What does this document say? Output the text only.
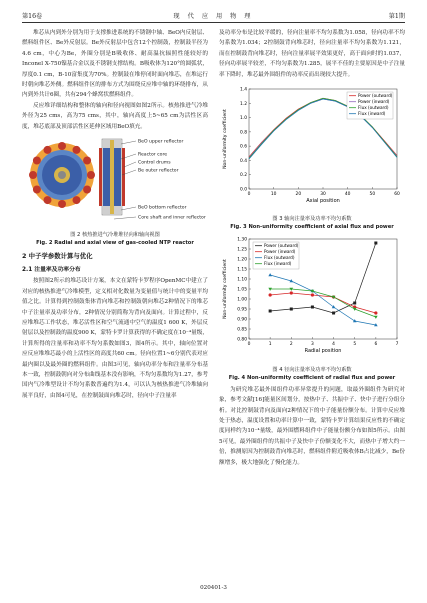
第16卷	现 代 应 用 物 理	第1期

堆芯从内到外分别为用于支撑推进系统的不锈钢中轴、BeO内反射层、燃料组件区、Be外反射层。Be外反射层中包含12个控制鼓，控制鼓半径为4.6 cm，中心为Be，外圈分别是B吸收体、耐高温抗辐照性能较好的Inconel X-750镍基合金以及不锈钢支撑结构。B吸收体为120°的圆弧状，厚度0.1 cm，B-10富集度为70%。控制鼓在堆停闭时面向堆芯，在堆运行时朝向堆芯外侧。燃料组件区的排布方式为围绕反应堆中轴的环绕排布，从内到外共计6圈，共有294个蜂窝状燃料组件。

反应堆详细结构和整体的轴向和径向视图如图2所示。核热推进气冷堆外径为25 cms，高为75 cms，其中，轴向高度上5~65 cm为活性区高度，堆芯底部及顶部活性区延伸区域用BeO填充。

BeO upper reflector
Reactor core
Control drums
Be outer reflector
BeO bottom reflector
Core shaft and inner reflector
图 2 核热推进气冷堆堆径向和轴向视图
Fig. 2 Radial and axial view of gas-cooled NTP reactor
2 中子学参数计算与优化
2.1 注量率及功率分布

按照图2所示的堆芯设计方案，本文在蒙特卡罗程序OpenMC中建立了对应的核热推进气冷堆模型，定义相对化数量为变量值与统计中的变量平均值之比。计算得到控制鼓集体背向堆芯和控制鼓朝向堆芯2种情况下的堆芯中子注量率及功率分布，2种情况分别简称为背向及面向。计算过程中，反应堆堆芯工作状态，堆芯活性区和空气流通中空气的温度1 600 K，外层反射层以及控制鼓的温度900 K，蒙特卡罗计算获得的不确定度在10⁻⁴量级，计算所得的注量率和功率不均匀系数如图3，图4所示。其中，轴向位置对应反应堆堆芯最小的上活性区的高度共60 cm。径向位置1~6分别代表对应最内圈以及最外圈的燃料组件。由图3可见，轴向功率分布和注量率分布基本一致，控制鼓朝向对分布曲线基本没有影响，不均匀系数均为1.27，参考国内气冷堆型设计不均匀系数普遍约为1.4，可以认为核热推进气冷堆轴向展平良好，由图4可见，在控制鼓面向堆芯时，径向中子注量率

及功率分布是比较平缓的，径向注量率不均匀系数为1.058，径向功率不均匀系数为1.034；2控制鼓背向堆芯时，径向注量率不均匀系数为1.121，而在控制鼓背向堆芯时，径向注量率展平效果更好，高于面向时的1.037，径向功率展平较差，不均匀系数为1.285，展平不佳的主要原因是中子注量率下降时，堆芯最外围组件的功率反而出现较大提升。

0.0
0.2
0.4
0.6
0.8
1.0
1.2
1.4
0	10	20	30	40	50	60
Axial position
Non-uniformity coefficient
Power (outward)
Power (inward)
Flux (outward)
Flux (inward)
图 3 轴向注量率及功率不均匀系数
Fig. 3 Non-uniformity coefficient of axial flux and power
0.80
0.85
0.90
0.95
1.00
1.05
1.10
1.15
1.20
1.25
1.30
0	1	2	3	4	5	6	7
Radial position
Non-uniformity coefficient
Power (outward)
Power (inward)
Flux (outward)
Flux (inward)
图 4 径向注量率及功率不均匀系数
Fig. 4 Non-uniformity coefficient of radial flux and power

为研究堆芯最外围组件功率异常提升的问题，取最外圈组件为研究对象，参考文献[16]能量区间划分，按热中子、共振中子、快中子进行分组分析。对比控制鼓背向及面向2种情况下的中子能量份额分布。计算中反应堆处于热态，温度设置和功率计算中一致，蒙特卡罗计算结果反应性的不确定度同样约为10⁻⁴量级，最外围燃料组件中子能量份额分布如图5所示。由图5可见，最外圈组件的共振中子及快中子份额变化不大，而热中子增大约一倍，推测原因为控制鼓背向堆芯时，燃料组件附近吸收体B占比减少，Be份额增多，极大地强化了慢化能力。

020401-3
